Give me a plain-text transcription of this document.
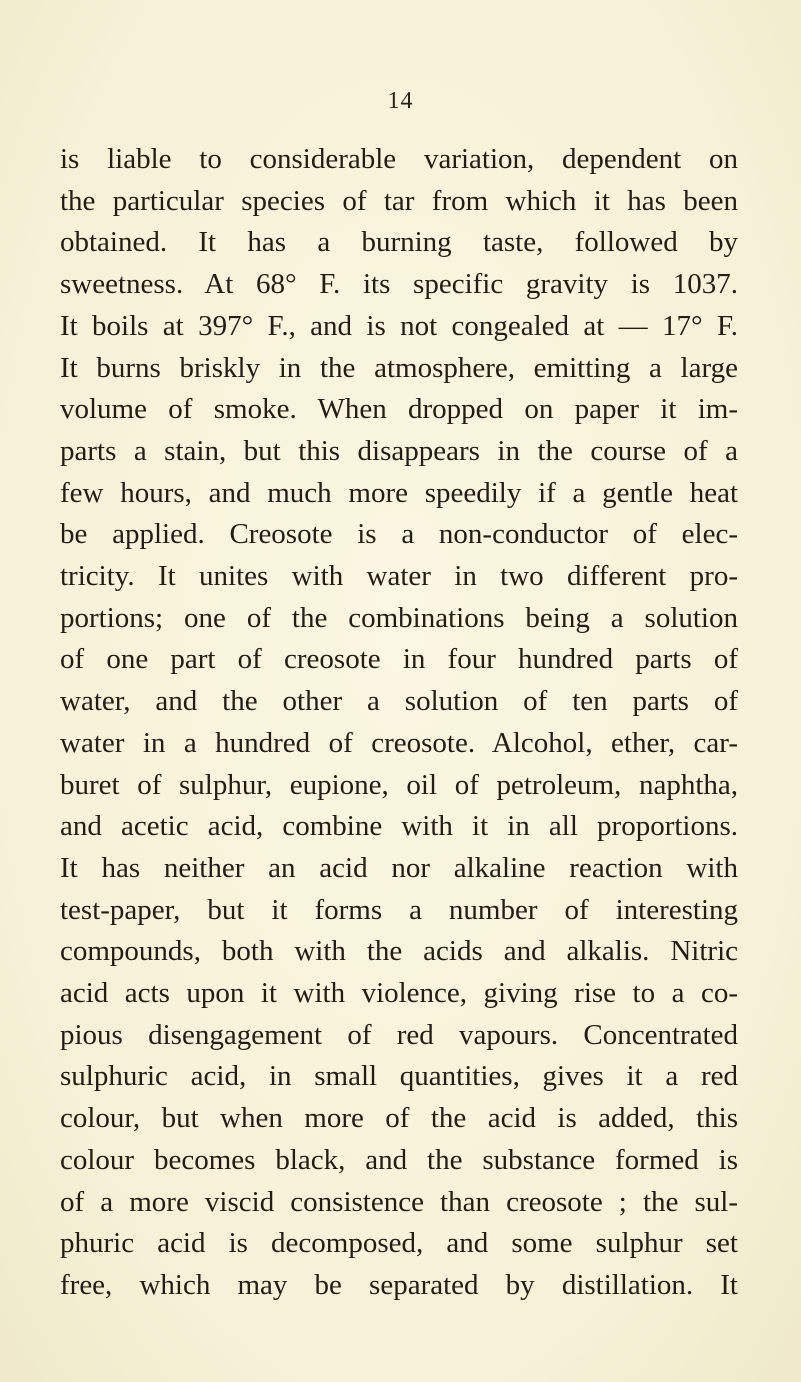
14
is liable to considerable variation, dependent on
the particular species of tar from which it has been
obtained. It has a burning taste, followed by
sweetness. At 68° F. its specific gravity is 1037.
It boils at 397° F., and is not congealed at — 17° F.
It burns briskly in the atmosphere, emitting a large
volume of smoke. When dropped on paper it im-
parts a stain, but this disappears in the course of a
few hours, and much more speedily if a gentle heat
be applied. Creosote is a non-conductor of elec-
tricity. It unites with water in two different pro-
portions; one of the combinations being a solution
of one part of creosote in four hundred parts of
water, and the other a solution of ten parts of
water in a hundred of creosote. Alcohol, ether, car-
buret of sulphur, eupione, oil of petroleum, naphtha,
and acetic acid, combine with it in all proportions.
It has neither an acid nor alkaline reaction with
test-paper, but it forms a number of interesting
compounds, both with the acids and alkalis. Nitric
acid acts upon it with violence, giving rise to a co-
pious disengagement of red vapours. Concentrated
sulphuric acid, in small quantities, gives it a red
colour, but when more of the acid is added, this
colour becomes black, and the substance formed is
of a more viscid consistence than creosote ; the sul-
phuric acid is decomposed, and some sulphur set
free, which may be separated by distillation. It
